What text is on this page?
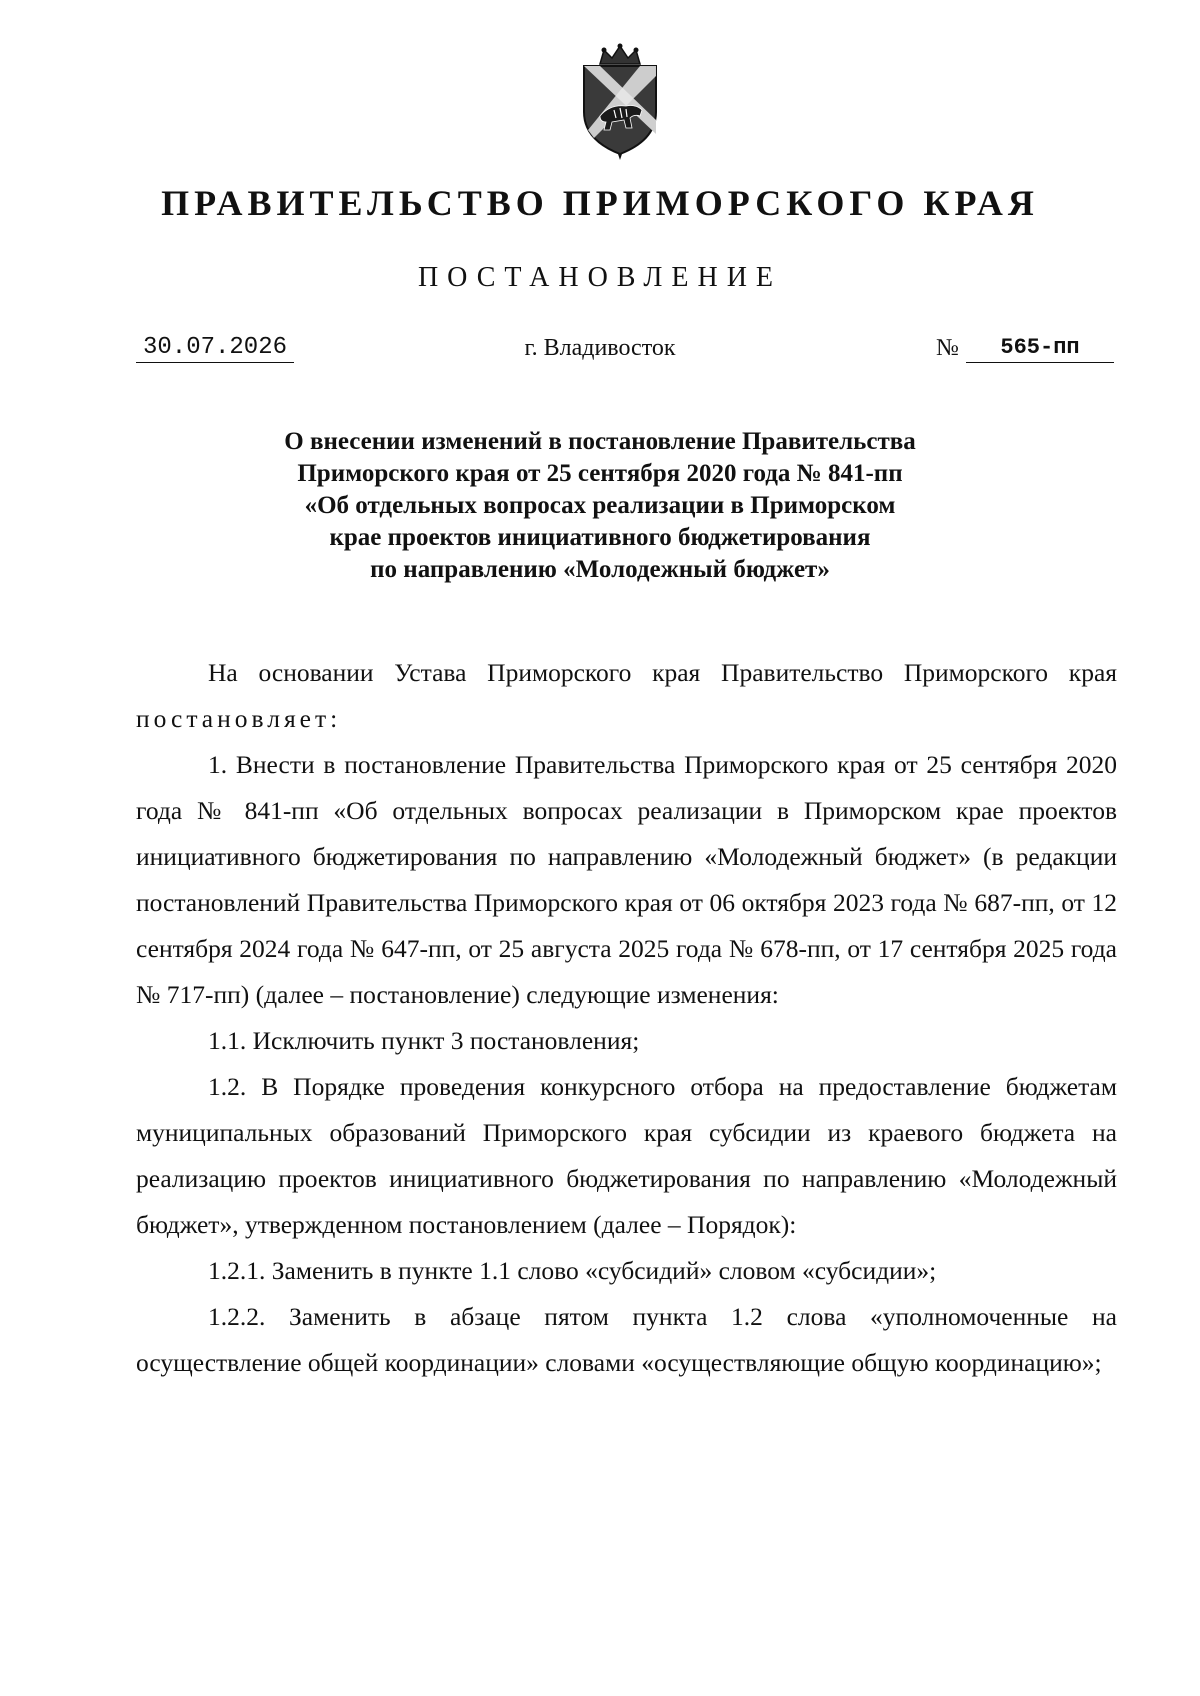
ПРАВИТЕЛЬСТВО ПРИМОРСКОГО КРАЯ
ПОСТАНОВЛЕНИЕ
30.07.2026	г. Владивосток	№	565-пп
О внесении изменений в постановление Правительства
Приморского края от 25 сентября 2020 года № 841-пп
«Об отдельных вопросах реализации в Приморском
крае проектов инициативного бюджетирования
по направлению «Молодежный бюджет»

На основании Устава Приморского края Правительство Приморского края постановляет:

1. Внести в постановление Правительства Приморского края от 25 сентября 2020 года № 841-пп «Об отдельных вопросах реализации в Приморском крае проектов инициативного бюджетирования по направлению «Молодежный бюджет» (в редакции постановлений Правительства Приморского края от 06 октября 2023 года № 687-пп, от 12 сентября 2024 года № 647-пп, от 25 августа 2025 года № 678-пп, от 17 сентября 2025 года № 717-пп) (далее – постановление) следующие изменения:

1.1. Исключить пункт 3 постановления;

1.2. В Порядке проведения конкурсного отбора на предоставление бюджетам муниципальных образований Приморского края субсидии из краевого бюджета на реализацию проектов инициативного бюджетирования по направлению «Молодежный бюджет», утвержденном постановлением (далее – Порядок):

1.2.1. Заменить в пункте 1.1 слово «субсидий» словом «субсидии»;

1.2.2. Заменить в абзаце пятом пункта 1.2 слова «уполномоченные на осуществление общей координации» словами «осуществляющие общую координацию»;
